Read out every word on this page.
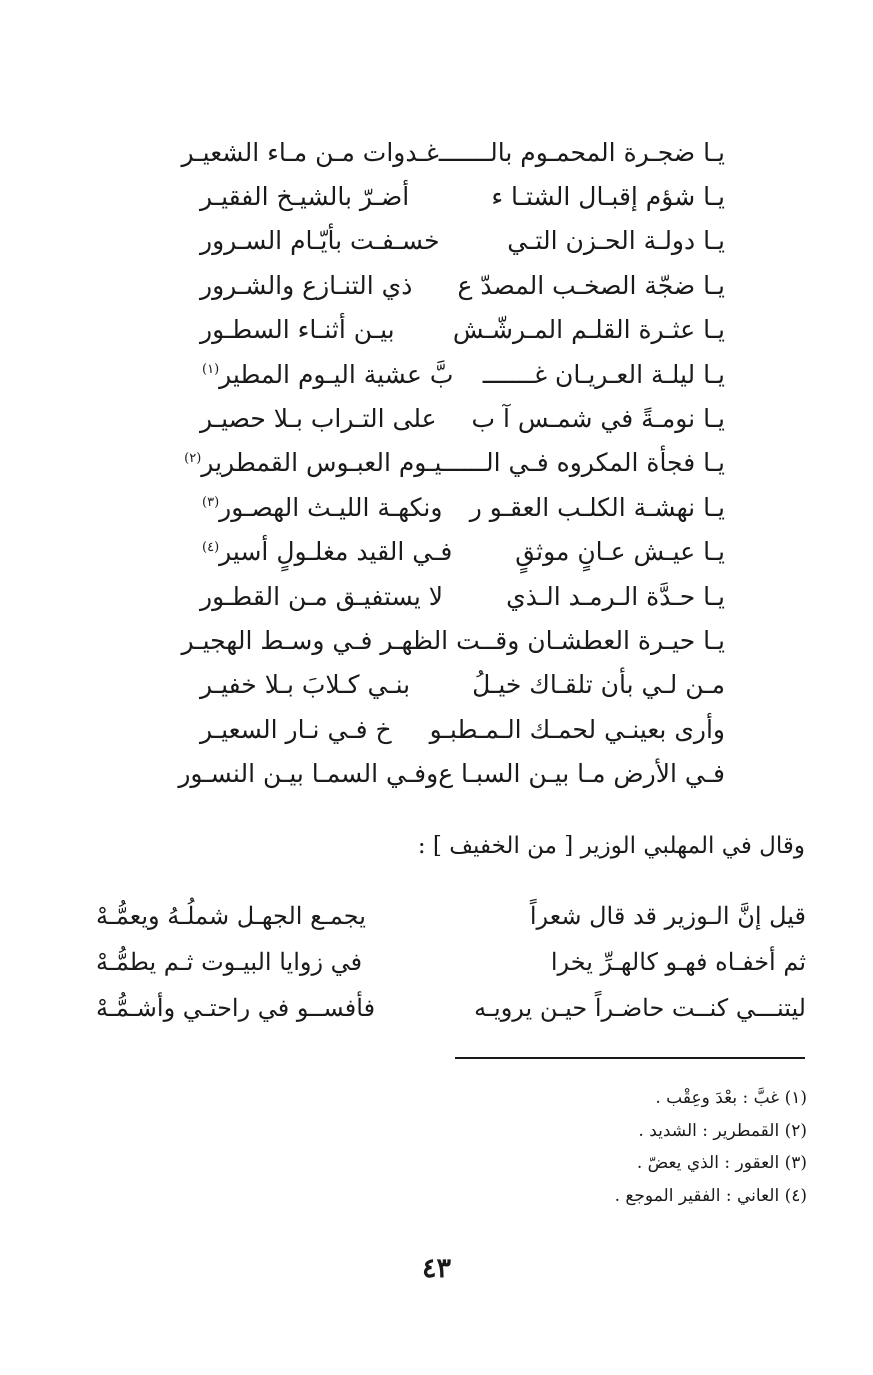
يـا ضجـرة المحمـوم بالـــــــ
غـدوات مـن مـاء الشعيـر
يـا شؤم إقبـال الشتـا ء
أضـرّ بالشيـخ الفقيـر
يـا دولـة الحـزن التـي
خسـفـت بأيّـام السـرور
يـا ضجّة الصخـب المصدّ ع
ذي التنـازع والشـرور
يـا عثـرة القلـم المـرشّـش
بيـن أثنـاء السطـور
يـا ليلـة العـريـان غـــــــ
بَّ عشية اليـوم المطير$^{(١)}$
يـا نومـةً في شمـس آ ب
على التـراب بـلا حصيـر
يـا فجأة المكروه فـي الـــــ
ـيـوم العبـوس القمطرير$^{(٢)}$
يـا نهشـة الكلـب العقـو ر
ونكهـة الليـث الهصـور$^{(٣)}$
يـا عيـش عـانٍ موثقٍ
فـي القيد مغلـولٍ أسير$^{(٤)}$
يـا حـدَّة الـرمـد الـذي
لا يستفيـق مـن القطـور
يـا حيـرة العطشـان وقـ
ـت الظهـر فـي وسـط الهجيـر
مـن لـي بأن تلقـاك خيـلُ
بنـي كـلابَ بـلا خفيـر
وأرى بعينـي لحمـك الـمـطبـو
خ فـي نـار السعيـر
فـي الأرض مـا بيـن السبـا ع
وفـي السمـا بيـن النسـور
وقال في المهلبي الوزير [ من الخفيف ] :
قيل إنَّ الـوزير قد قال شعراً
يجمـع الجهـل شملُـهُ ويعمُّـهْ
ثم أخفـاه فهـو كالهـرِّ يخرا
في زوايا البيـوت ثـم يطمُّـهْ
ليتنـــي كنــت حاضـراً حيـن يرويـه
فأفســو في راحتـي وأشـمُّـهْ
(١) غبَّ : بعْدَ وعِقْب .
(٢) القمطرير : الشديد .
(٣) العقور : الذي يعضّ .
(٤) العاني : الفقير الموجع .
٤٣
